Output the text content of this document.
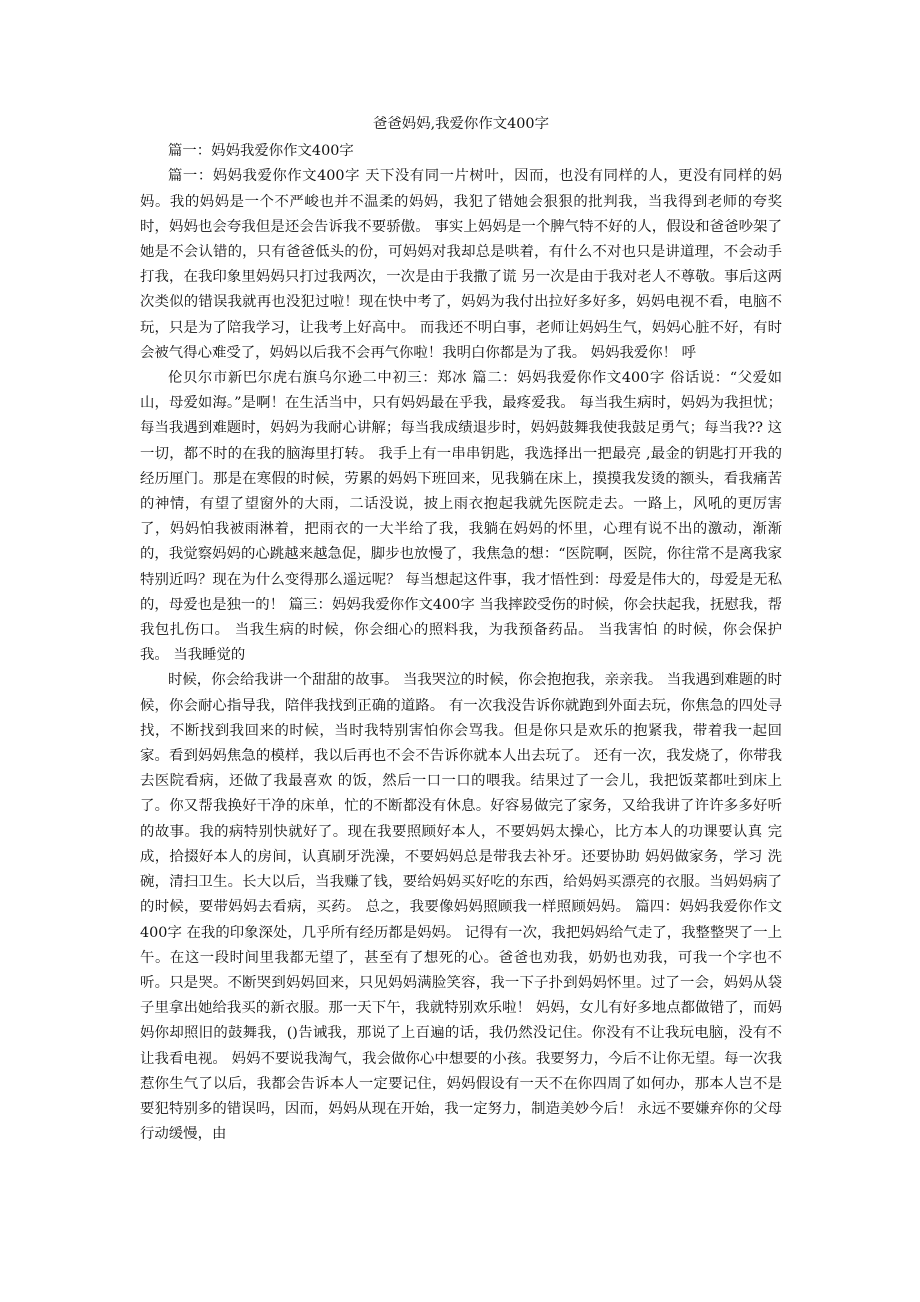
爸爸妈妈,我爱你作文400字

篇一：妈妈我爱你作文400字

篇一：妈妈我爱你作文400字 天下没有同一片树叶，因而，也没有同样的人，更没有同样的妈妈。我的妈妈是一个不严峻也并不温柔的妈妈，我犯了错她会狠狠的批判我，当我得到老师的夸奖时，妈妈也会夸我但是还会告诉我不要骄傲。 事实上妈妈是一个脾气特不好的人，假设和爸爸吵架了她是不会认错的，只有爸爸低头的份，可妈妈对我却总是哄着，有什么不对也只是讲道理，不会动手打我，在我印象里妈妈只打过我两次，一次是由于我撒了谎 另一次是由于我对老人不尊敬。事后这两次类似的错误我就再也没犯过啦！现在快中考了，妈妈为我付出拉好多好多，妈妈电视不看，电脑不玩，只是为了陪我学习，让我考上好高中。 而我还不明白事，老师让妈妈生气，妈妈心脏不好，有时会被气得心难受了，妈妈以后我不会再气你啦！我明白你都是为了我。 妈妈我爱你！ 呼

伦贝尔市新巴尔虎右旗乌尔逊二中初三：郑冰 篇二：妈妈我爱你作文400字 俗话说：“父爱如山，母爱如海。”是啊！在生活当中，只有妈妈最在乎我，最疼爱我。 每当我生病时，妈妈为我担忧；每当我遇到难题时，妈妈为我耐心讲解；每当我成绩退步时，妈妈鼓舞我使我鼓足勇气；每当我?? 这一切，都不时的在我的脑海里打转。 我手上有一串串钥匙，我选择出一把最亮 ,最金的钥匙打开我的经历厘门。那是在寒假的时候，劳累的妈妈下班回来，见我躺在床上，摸摸我发烫的额头，看我痛苦的神情，有望了望窗外的大雨，二话没说，披上雨衣抱起我就先医院走去。一路上，风吼的更厉害了，妈妈怕我被雨淋着，把雨衣的一大半给了我，我躺在妈妈的怀里，心理有说不出的激动，渐渐的，我觉察妈妈的心跳越来越急促，脚步也放慢了，我焦急的想：“医院啊，医院，你往常不是离我家特别近吗？现在为什么变得那么遥远呢？ 每当想起这件事，我才悟性到：母爱是伟大的，母爱是无私的，母爱也是独一的！ 篇三：妈妈我爱你作文400字 当我摔跤受伤的时候，你会扶起我，抚慰我，帮我包扎伤口。 当我生病的时候，你会细心的照料我，为我预备药品。 当我害怕 的时候，你会保护我。 当我睡觉的

时候，你会给我讲一个甜甜的故事。 当我哭泣的时候，你会抱抱我，亲亲我。 当我遇到难题的时候，你会耐心指导我，陪伴我找到正确的道路。 有一次我没告诉你就跑到外面去玩，你焦急的四处寻找，不断找到我回来的时候，当时我特别害怕你会骂我。但是你只是欢乐的抱紧我，带着我一起回家。看到妈妈焦急的模样，我以后再也不会不告诉你就本人出去玩了。 还有一次，我发烧了，你带我去医院看病，还做了我最喜欢 的饭，然后一口一口的喂我。结果过了一会儿，我把饭菜都吐到床上了。你又帮我换好干净的床单，忙的不断都没有休息。好容易做完了家务，又给我讲了许许多多好听的故事。我的病特别快就好了。现在我要照顾好本人，不要妈妈太操心，比方本人的功课要认真 完成，拾掇好本人的房间，认真刷牙洗澡，不要妈妈总是带我去补牙。还要协助 妈妈做家务，学习 洗碗，清扫卫生。长大以后，当我赚了钱，要给妈妈买好吃的东西，给妈妈买漂亮的衣服。当妈妈病了的时候，要带妈妈去看病，买药。 总之，我要像妈妈照顾我一样照顾妈妈。 篇四：妈妈我爱你作文400字 在我的印象深处，几乎所有经历都是妈妈。 记得有一次，我把妈妈给气走了，我整整哭了一上午。在这一段时间里我都无望了，甚至有了想死的心。爸爸也劝我，奶奶也劝我，可我一个字也不听。只是哭。不断哭到妈妈回来，只见妈妈满脸笑容，我一下子扑到妈妈怀里。过了一会，妈妈从袋子里拿出她给我买的新衣服。那一天下午，我就特别欢乐啦！ 妈妈，女儿有好多地点都做错了，而妈妈你却照旧的鼓舞我，()告诫我，那说了上百遍的话，我仍然没记住。你没有不让我玩电脑，没有不让我看电视。 妈妈不要说我淘气，我会做你心中想要的小孩。我要努力，今后不让你无望。每一次我惹你生气了以后，我都会告诉本人一定要记住，妈妈假设有一天不在你四周了如何办，那本人岂不是要犯特别多的错误吗，因而，妈妈从现在开始，我一定努力，制造美妙今后！ 永远不要嫌弃你的父母行动缓慢，由
